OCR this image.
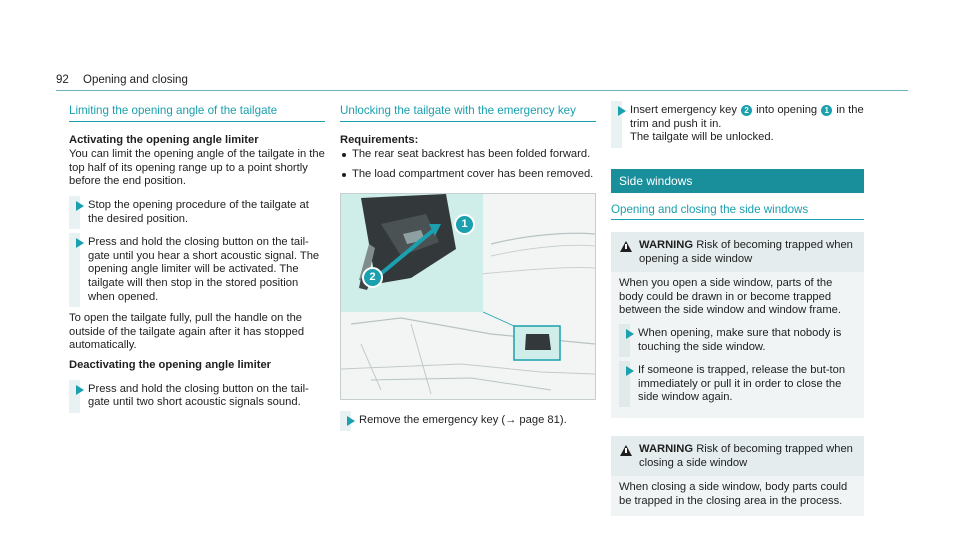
92 Opening and closing
Limiting the opening angle of the tailgate
Activating the opening angle limiter

You can limit the opening angle of the tailgate in the top half of its opening range up to a point shortly before the end position.

Stop the opening procedure of the tailgate at the desired position.
Press and hold the closing button on the tail-gate until you hear a short acoustic signal. The opening angle limiter will be activated. The tailgate will then stop in the stored position when opened.

To open the tailgate fully, pull the handle on the outside of the tailgate again after it has stopped automatically.

Deactivating the opening angle limiter
Press and hold the closing button on the tail-gate until two short acoustic signals sound.
Unlocking the tailgate with the emergency key
Requirements:
The rear seat backrest has been folded forward.
The load compartment cover has been removed.
1
2
Remove the emergency key (→ page 81).
Insert emergency key 2 into opening 1 in the trim and push it in.
The tailgate will be unlocked.
Side windows
Opening and closing the side windows
WARNING Risk of becoming trapped when opening a side window

When you open a side window, parts of the body could be drawn in or become trapped between the side window and window frame.

When opening, make sure that nobody is touching the side window.
If someone is trapped, release the but-ton immediately or pull it in order to close the side window again.
WARNING Risk of becoming trapped when closing a side window

When closing a side window, body parts could be trapped in the closing area in the process.
